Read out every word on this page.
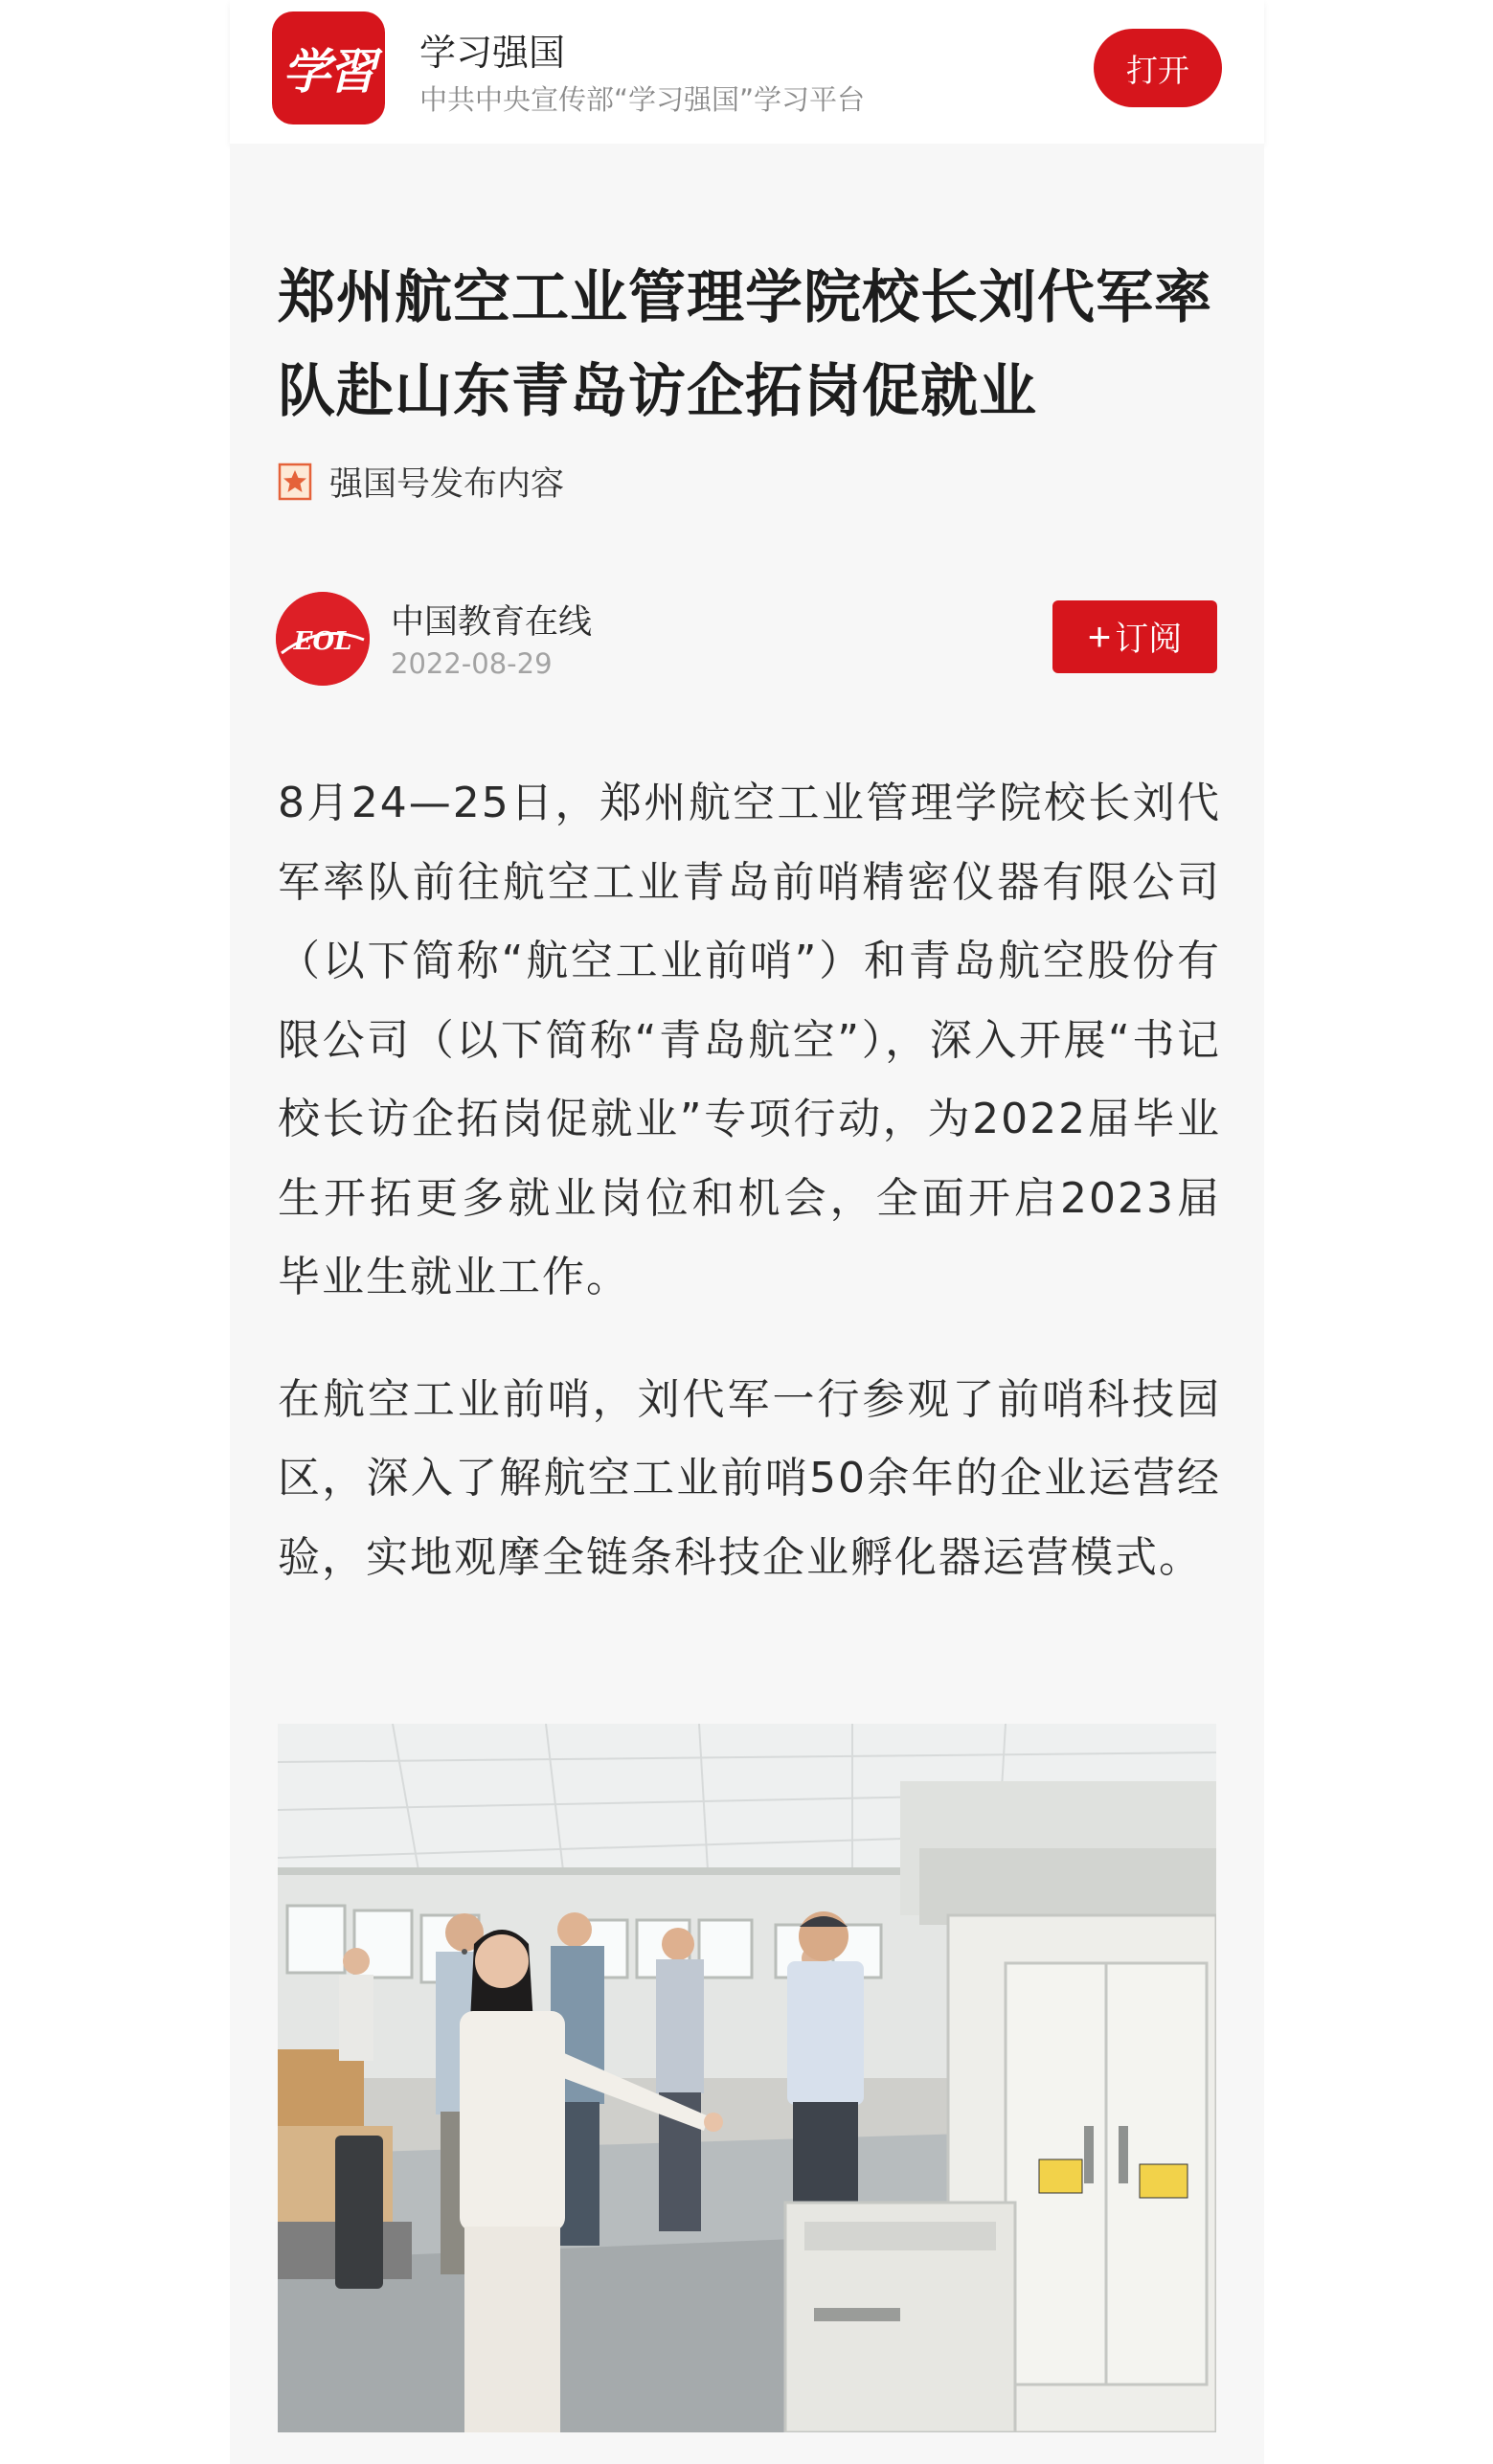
学習 学习强国
中共中央宣传部“学习强国”学习平台
打开
郑州航空工业管理学院校长刘代军率队赴山东青岛访企拓岗促就业
强国号发布内容
EOL 中国教育在线
2022-08-29
+ 订阅

8月24—25日，郑州航空工业管理学院校长刘代军率队前往航空工业青岛前哨精密仪器有限公司（以下简称“航空工业前哨”）和青岛航空股份有限公司（以下简称“青岛航空”），深入开展“书记校长访企拓岗促就业”专项行动，为2022届毕业生开拓更多就业岗位和机会，全面开启2023届毕业生就业工作。

在航空工业前哨，刘代军一行参观了前哨科技园区，深入了解航空工业前哨50余年的企业运营经验，实地观摩全链条科技企业孵化器运营模式。
